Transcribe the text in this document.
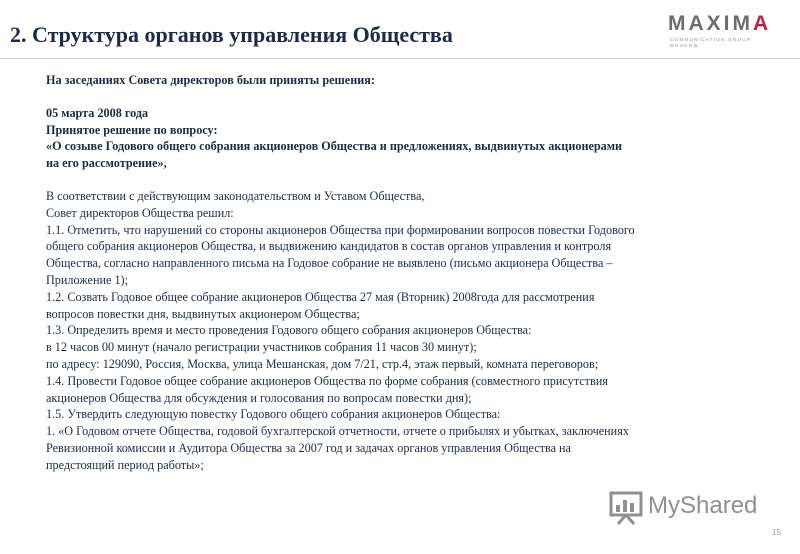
2. Структура органов управления Общества	MAXIMA
COMMUNICATION GROUP
MOSCOW

На заседаниях Совета директоров были приняты решения:

05 марта 2008 года

Принятое решение по вопросу:

«О созыве Годового общего собрания акционеров Общества и предложениях, выдвинутых акционерами

на его рассмотрение»,

В соответствии с действующим законодательством и Уставом Общества,

Совет директоров Общества решил:

1.1. Отметить, что нарушений со стороны акционеров Общества при формировании вопросов повестки Годового

общего собрания акционеров Общества, и выдвижению кандидатов в состав органов управления и контроля

Общества, согласно направленного письма на Годовое собрание не выявлено (письмо акционера Общества –

Приложение 1);

1.2. Созвать Годовое общее собрание акционеров Общества 27 мая (Вторник) 2008года для рассмотрения

вопросов повестки дня, выдвинутых акционером Общества;

1.3. Определить время и место проведения Годового общего собрания акционеров Общества:

в 12 часов 00 минут (начало регистрации участников собрания 11 часов 30 минут);

по адресу: 129090, Россия, Москва, улица Мешанская, дом 7/21, стр.4, этаж первый, комната переговоров;

1.4. Провести Годовое общее собрание акционеров Общества по форме собрания (совместного присутствия

акционеров Общества для обсуждения и голосования по вопросам повестки дня);

1.5. Утвердить следующую повестку Годового общего собрания акционеров Общества:

1. «О Годовом отчете Общества, годовой бухгалтерской отчетности, отчете о прибылях и убытках, заключениях

Ревизионной комиссии и Аудитора Общества за 2007 год и задачах органов управления Общества на

предстоящий период работы»;

MyShared
15
